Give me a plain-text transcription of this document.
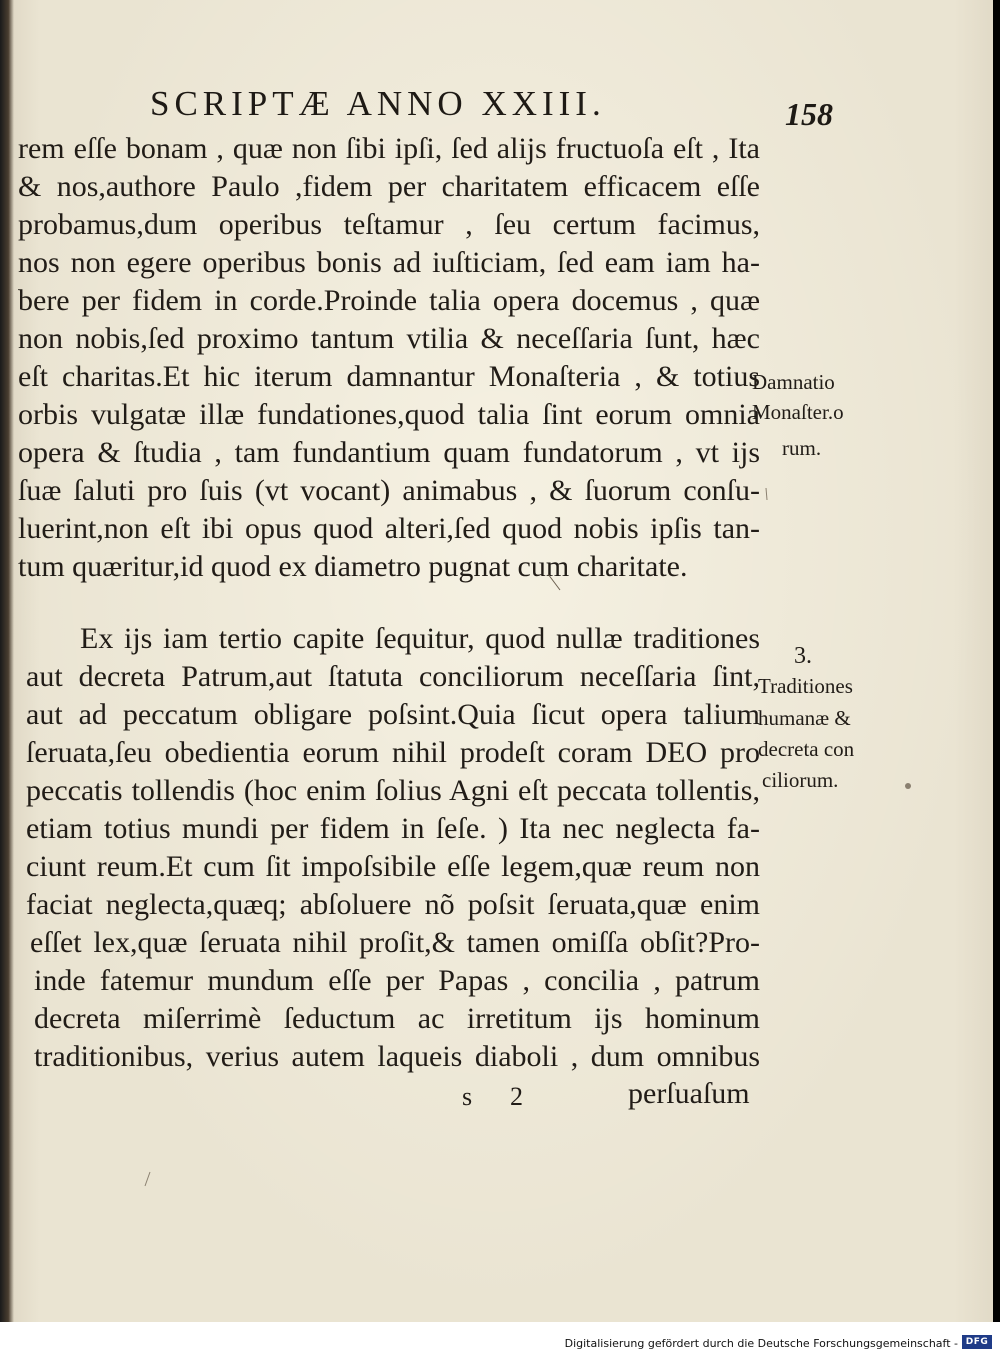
SCRIPTÆ ANNO XXIII.	158
rem eſſe bonam , quæ non ſibi ipſi, ſed alijs fructuoſa eſt , Ita
& nos,authore Paulo ,fidem per charitatem efficacem eſſe
probamus,dum operibus teſtamur , ſeu certum facimus,
nos non egere operibus bonis ad iuſticiam, ſed eam iam ha-
bere per fidem in corde.Proinde talia opera docemus , quæ
non nobis,ſed proximo tantum vtilia & neceſſaria ſunt, hæc
eſt charitas.Et hic iterum damnantur Monaſteria , & totius
orbis vulgatæ illæ fundationes,quod talia ſint eorum omnia
opera & ſtudia , tam fundantium quam fundatorum , vt ijs
ſuæ ſaluti pro ſuis (vt vocant) animabus , & ſuorum conſu-
luerint,non eſt ibi opus quod alteri,ſed quod nobis ipſis tan-
tum quæritur,id quod ex diametro pugnat cum charitate.
Ex ijs iam tertio capite ſequitur, quod nullæ traditiones
aut decreta Patrum,aut ſtatuta conciliorum neceſſaria ſint,
aut ad peccatum obligare poſsint.Quia ſicut opera talium
ſeruata,ſeu obedientia eorum nihil prodeſt coram DEO pro
peccatis tollendis (hoc enim ſolius Agni eſt peccata tollentis,
etiam totius mundi per fidem in ſeſe. ) Ita nec neglecta fa-
ciunt reum.Et cum ſit impoſsibile eſſe legem,quæ reum non
faciat neglecta,quæq; abſoluere nõ poſsit ſeruata,quæ enim
eſſet lex,quæ ſeruata nihil proſit,& tamen omiſſa obſit?Pro-
inde fatemur mundum eſſe per Papas , concilia , patrum
decreta miſerrimè ſeductum ac irretitum ijs hominum
traditionibus, verius autem laqueis diaboli , dum omnibus
Damnatio
Monaſter.o
rum.
3.
Traditiones
humanæ &
decreta con
ciliorum.
s 2	perſuaſum
Digitalisierung gefördert durch die Deutsche Forschungsgemeinschaft - DFG
